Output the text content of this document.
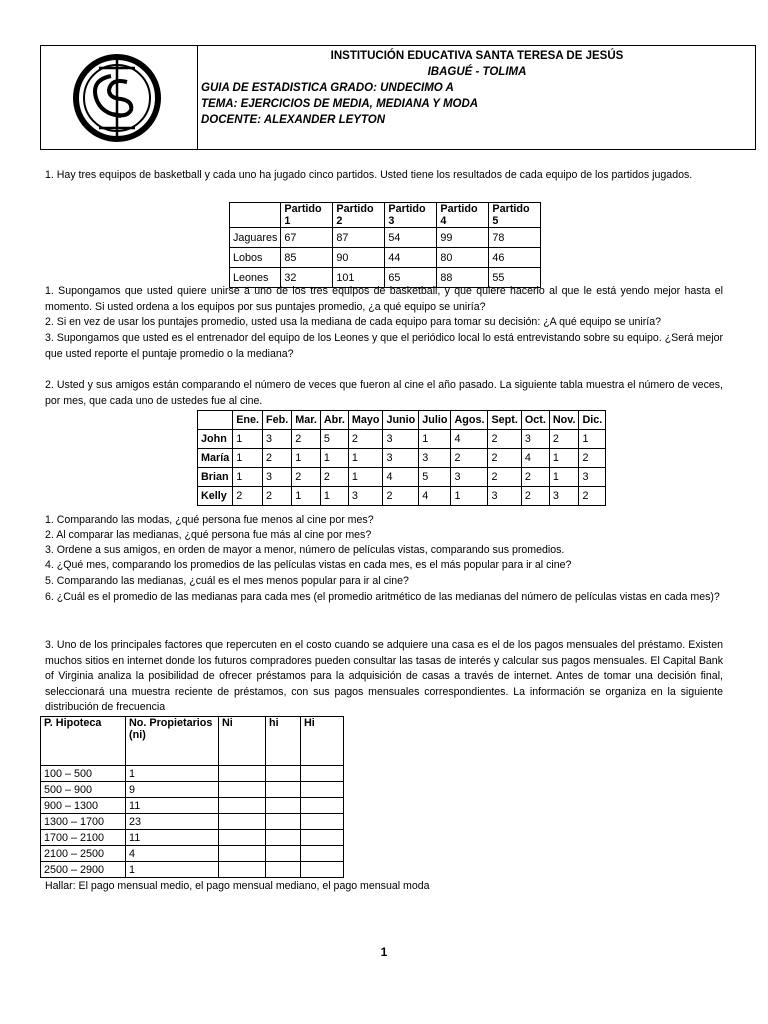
INSTITUCIÓN EDUCATIVA SANTA TERESA DE JESÚS
IBAGUÉ - TOLIMA
GUIA DE ESTADISTICA GRADO: UNDECIMO A
TEMA: EJERCICIOS DE MEDIA, MEDIANA Y MODA
DOCENTE: ALEXANDER LEYTON

1. Hay tres equipos de basketball y cada uno ha jugado cinco partidos. Usted tiene los resultados de cada equipo de los partidos jugados.

	Partido 1	Partido 2	Partido 3	Partido 4	Partido 5
Jaguares	67	87	54	99	78
Lobos	85	90	44	80	46
Leones	32	101	65	88	55

1. Supongamos que usted quiere unirse a uno de los tres equipos de basketball, y que quiere hacerlo al que le está yendo mejor hasta el momento. Si usted ordena a los equipos por sus puntajes promedio, ¿a qué equipo se uniría?

2. Si en vez de usar los puntajes promedio, usted usa la mediana de cada equipo para tomar su decisión: ¿A qué equipo se uniría?

3. Supongamos que usted es el entrenador del equipo de los Leones y que el periódico local lo está entrevistando sobre su equipo. ¿Será mejor que usted reporte el puntaje promedio o la mediana?

2. Usted y sus amigos están comparando el número de veces que fueron al cine el año pasado. La siguiente tabla muestra el número de veces, por mes, que cada uno de ustedes fue al cine.

	Ene.	Feb.	Mar.	Abr.	Mayo	Junio	Julio	Agos.	Sept.	Oct.	Nov.	Dic.
John	1	3	2	5	2	3	1	4	2	3	2	1
María	1	2	1	1	1	3	3	2	2	4	1	2
Brian	1	3	2	2	1	4	5	3	2	2	1	3
Kelly	2	2	1	1	3	2	4	1	3	2	3	2

1. Comparando las modas, ¿qué persona fue menos al cine por mes?

2. Al comparar las medianas, ¿qué persona fue más al cine por mes?

3. Ordene a sus amigos, en orden de mayor a menor, número de películas vistas, comparando sus promedios.

4. ¿Qué mes, comparando los promedios de las películas vistas en cada mes, es el más popular para ir al cine?

5. Comparando las medianas, ¿cuál es el mes menos popular para ir al cine?

6. ¿Cuál es el promedio de las medianas para cada mes (el promedio aritmético de las medianas del número de películas vistas en cada mes)?

3. Uno de los principales factores que repercuten en el costo cuando se adquiere una casa es el de los pagos mensuales del préstamo. Existen muchos sitios en internet donde los futuros compradores pueden consultar las tasas de interés y calcular sus pagos mensuales. El Capital Bank of Virginia analiza la posibilidad de ofrecer préstamos para la adquisición de casas a través de internet. Antes de tomar una decisión final, seleccionará una muestra reciente de préstamos, con sus pagos mensuales correspondientes. La información se organiza en la siguiente distribución de frecuencia

P. Hipoteca	No. Propietarios (ni)	Ni	hi	Hi
100 – 500	1			
500 – 900	9			
900 – 1300	11			
1300 – 1700	23			
1700 – 2100	11			
2100 – 2500	4			
2500 – 2900	1			

Hallar: El pago mensual medio, el pago mensual mediano, el pago mensual moda

1
